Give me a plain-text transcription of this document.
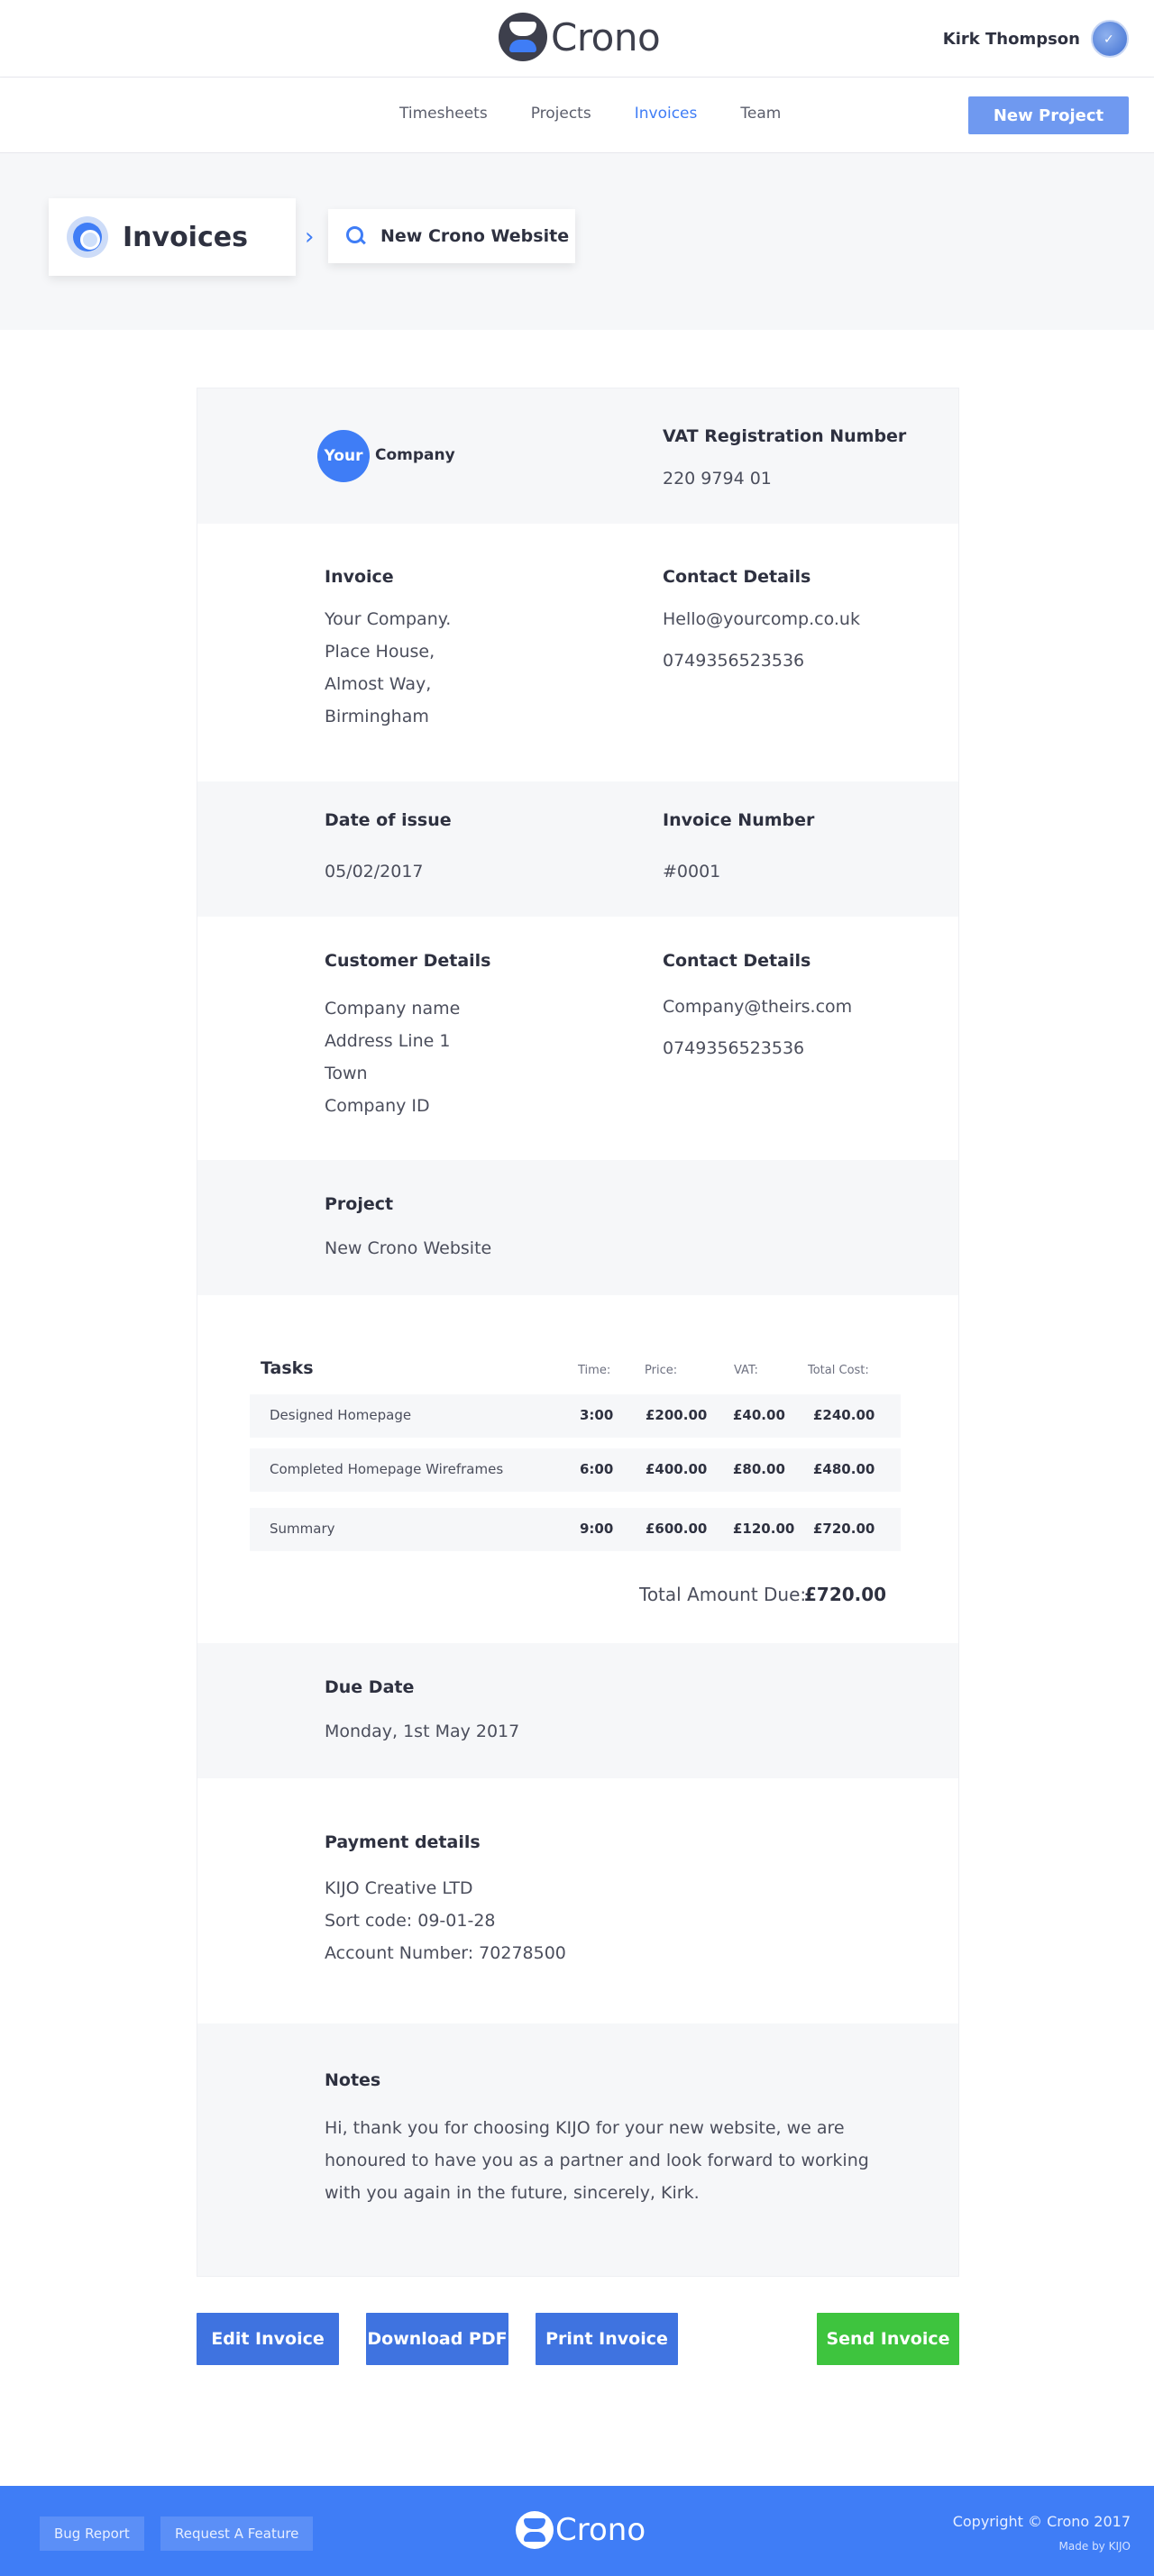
Crono	Kirk Thompson ✓
Timesheets	Projects	Invoices	Team	New Project
Invoices ›	New Crono Website
Your Company
VAT Registration Number
220 9794 01
Invoice
Your Company.
Place House,
Almost Way,
Birmingham
Contact Details
Hello@yourcomp.co.uk
0749356523536
Date of issue
05/02/2017
Invoice Number
#0001
Customer Details
Company name
Address Line 1
Town
Company ID
Contact Details
Company@theirs.com
0749356523536
Project
New Crono Website
Tasks	Time:	Price:	VAT:	Total Cost:
Designed Homepage	3:00 £200.00 £40.00 £240.00
Completed Homepage Wireframes	6:00 £400.00 £80.00 £480.00
Summary	9:00 £600.00 £120.00 £720.00
Total Amount Due:
£720.00
Due Date
Monday, 1st May 2017
Payment details
KIJO Creative LTD
Sort code: 09-01-28
Account Number: 70278500
Notes
Hi, thank you for choosing KIJO for your new website, we are
honoured to have you as a partner and look forward to working
with you again in the future, sincerely, Kirk.
Edit Invoice	Download PDF	Print Invoice	Send Invoice
Bug Report	Request A Feature	Crono	Copyright © Crono 2017
Made by KIJO
